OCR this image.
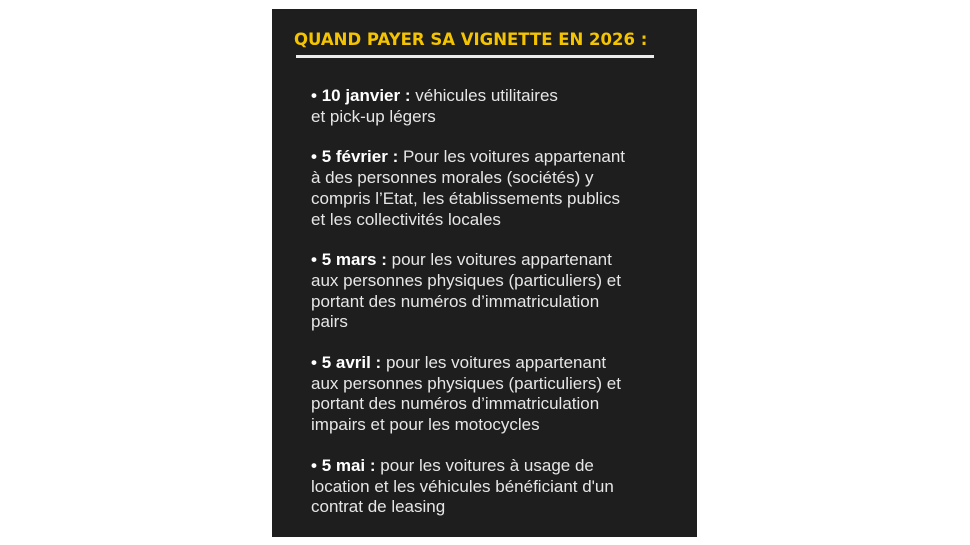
QUAND PAYER SA VIGNETTE EN 2026 :
• 10 janvier : véhicules utilitaires
et pick-up légers
• 5 février : Pour les voitures appartenant
à des personnes morales (sociétés) y
compris l’Etat, les établissements publics
et les collectivités locales
• 5 mars : pour les voitures appartenant
aux personnes physiques (particuliers) et
portant des numéros d’immatriculation
pairs
• 5 avril : pour les voitures appartenant
aux personnes physiques (particuliers) et
portant des numéros d’immatriculation
impairs et pour les motocycles
• 5 mai : pour les voitures à usage de
location et les véhicules bénéficiant d'un
contrat de leasing
